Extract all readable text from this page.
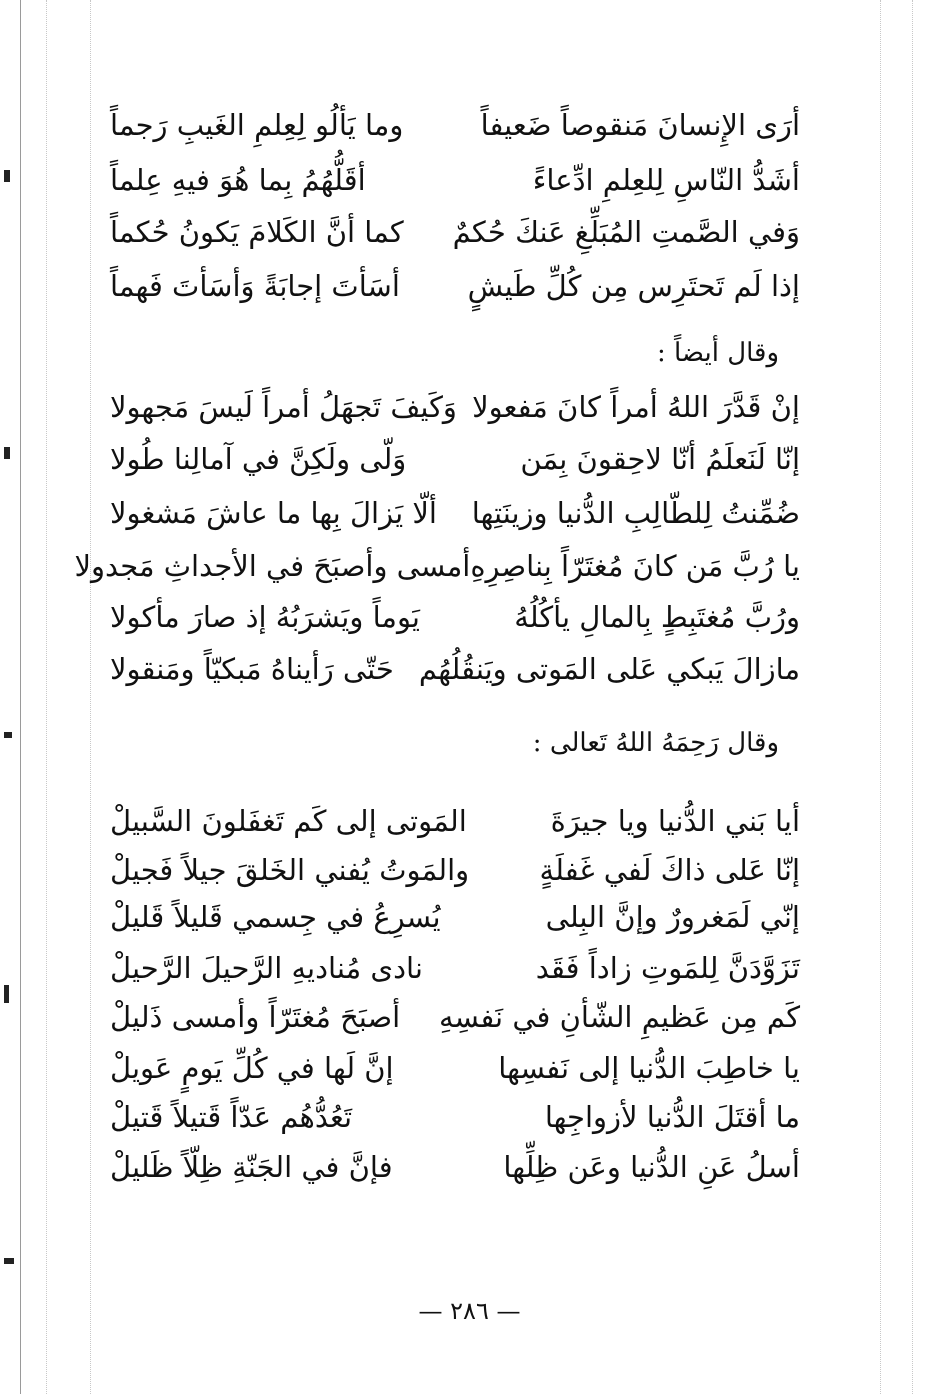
أرَى الإِنسانَ مَنقوصاً ضَعيفاً
وما يَألُو لِعِلمِ الغَيبِ رَجماً
أشَدُّ النّاسِ لِلعِلمِ ادِّعاءً
أقَلُّهُمُ بِما هُوَ فيهِ عِلماً
وَفي الصَّمتِ المُبَلِّغِ عَنكَ حُكمٌ
كما أنَّ الكَلامَ يَكونُ حُكماً
إذا لَم تَحتَرِس مِن كُلِّ طَيشٍ
أسَأتَ إجابَةً وَأسَأتَ فَهماً
وقال أيضاً :
إنْ قَدَّرَ اللهُ أمراً كانَ مَفعولا
وَكَيفَ تَجهَلُ أمراً لَيسَ مَجهولا
إنّا لَنَعلَمُ أنّا لاحِقونَ بِمَن
وَلّى ولَكِنَّ في آمالِنا طُولا
ضُمِّنتُ لِلطّالِبِ الدُّنيا وزينَتِها
ألّا يَزالَ بِها ما عاشَ مَشغولا
يا رُبَّ مَن كانَ مُغتَرّاً بِناصِرِهِ
أمسى وأصبَحَ في الأجداثِ مَجدولا
ورُبَّ مُغتَبِطٍ بِالمالِ يأكُلُهُ
يَوماً ويَشرَبُهُ إذ صارَ مأكولا
مازالَ يَبكي عَلى المَوتى ويَنقُلُهُم
حَتّى رَأيناهُ مَبكيّاً ومَنقولا
وقال رَحِمَهُ اللهُ تَعالى :
أيا بَني الدُّنيا ويا جيرَةَ
المَوتى إلى كَم تَغفَلونَ السَّبيلْ
إنّا عَلى ذاكَ لَفي غَفلَةٍ
والمَوتُ يُفني الخَلقَ جيلاً فَجيلْ
إنّي لَمَغرورٌ وإنَّ البِلى
يُسرِعُ في جِسمي قَليلاً قَليلْ
تَزَوَّدَنَّ لِلمَوتِ زاداً فَقَد
نادى مُناديهِ الرَّحيلَ الرَّحيلْ
كَم مِن عَظيمِ الشّأنِ في نَفسِهِ
أصبَحَ مُغتَرّاً وأمسى ذَليلْ
يا خاطِبَ الدُّنيا إلى نَفسِها
إنَّ لَها في كُلِّ يَومٍ عَويلْ
ما أقتَلَ الدُّنيا لأزواجِها
تَعُدُّهُم عَدّاً قَتيلاً قَتيلْ
أسلُ عَنِ الدُّنيا وعَن ظِلِّها
فإنَّ في الجَنّةِ ظِلّاً ظَليلْ
— ٢٨٦ —
